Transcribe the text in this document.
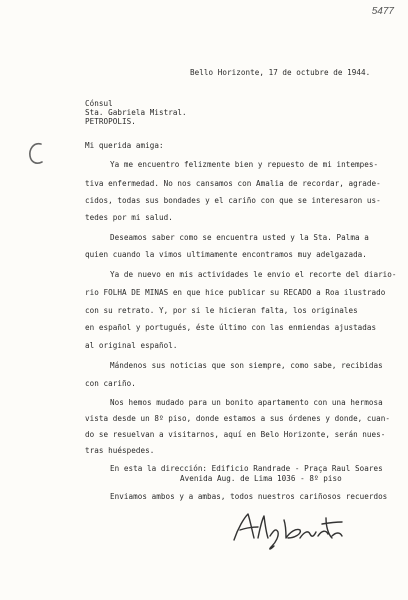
5477
Bello Horizonte, 17 de octubre de 1944.
Cónsul
Sta. Gabriela Mistral.
PETROPOLIS.
Mi querida amiga:
Ya me encuentro felizmente bien y repuesto de mi intempes-
tiva enfermedad. No nos cansamos con Amalia de recordar, agrade-
cidos, todas sus bondades y el cariño con que se interesaron us-
tedes por mi salud.
Deseamos saber como se encuentra usted y la Sta. Palma a
quien cuando la vimos ultimamente encontramos muy adelgazada.
Ya de nuevo en mis actividades le envio el recorte del diario-
rio FOLHA DE MINAS en que hice publicar su RECADO a Roa ilustrado
con su retrato. Y, por si le hicieran falta, los originales
en español y portugués, éste último con las enmiendas ajustadas
al original español.
Mándenos sus noticias que son siempre, como sabe, recibidas
con cariño.
Nos hemos mudado para un bonito apartamento con una hermosa
vista desde un 8º piso, donde estamos a sus órdenes y donde, cuan-
do se resuelvan a visitarnos, aquí en Belo Horizonte, serán nues-
tras huéspedes.
En esta la dirección: Edificio Randrade - Praça Raul Soares
Avenida Aug. de Lima 1036 - 8º piso
Enviamos ambos y a ambas, todos nuestros cariñosos recuerdos
